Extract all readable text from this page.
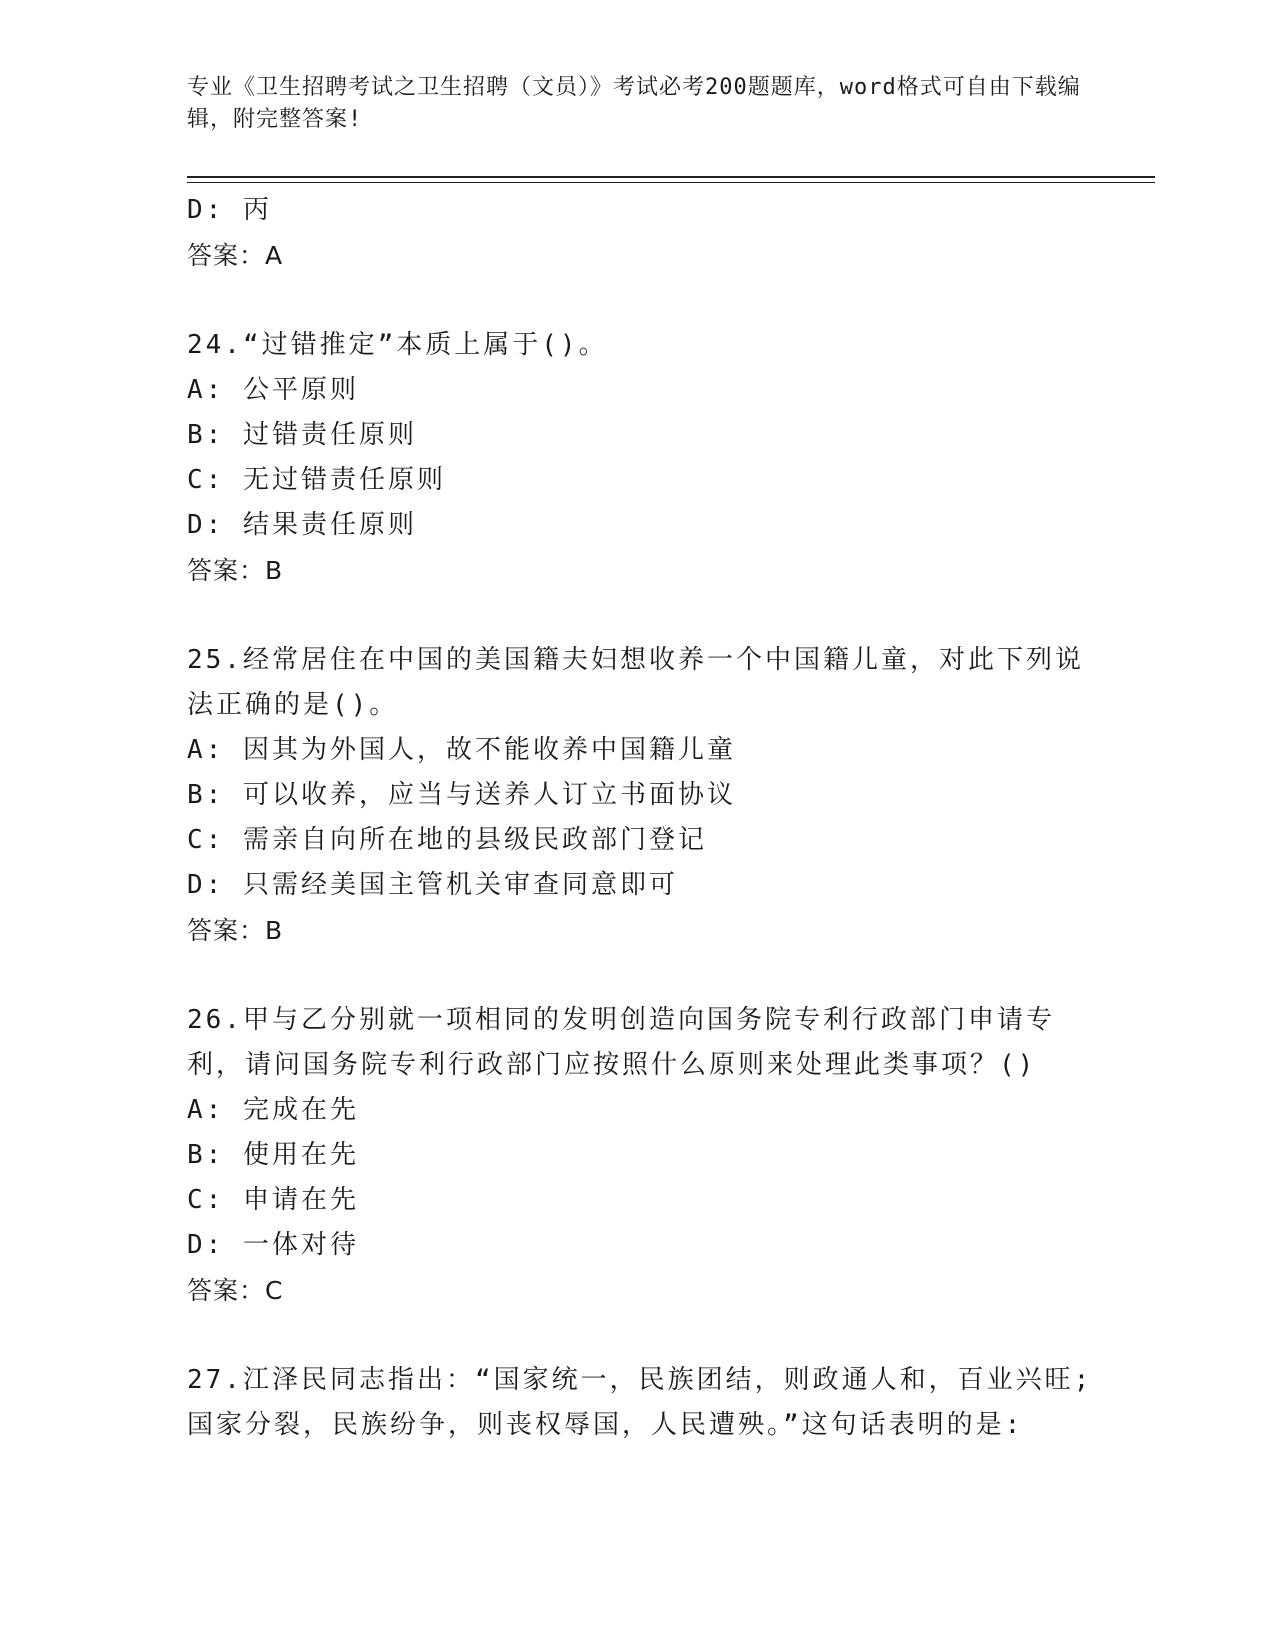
专业《卫生招聘考试之卫生招聘（文员）》考试必考200题题库，word格式可自由下载编辑，附完整答案!
D: 丙
答案：A
24.“过错推定”本质上属于()。
A: 公平原则
B: 过错责任原则
C: 无过错责任原则
D: 结果责任原则
答案：B
25.经常居住在中国的美国籍夫妇想收养一个中国籍儿童，对此下列说法正确的是()。
A: 因其为外国人，故不能收养中国籍儿童
B: 可以收养，应当与送养人订立书面协议
C: 需亲自向所在地的县级民政部门登记
D: 只需经美国主管机关审查同意即可
答案：B
26.甲与乙分别就一项相同的发明创造向国务院专利行政部门申请专利，请问国务院专利行政部门应按照什么原则来处理此类事项？()
A: 完成在先
B: 使用在先
C: 申请在先
D: 一体对待
答案：C
27.江泽民同志指出：“国家统一，民族团结，则政通人和，百业兴旺;国家分裂，民族纷争，则丧权辱国，人民遭殃。”这句话表明的是:
